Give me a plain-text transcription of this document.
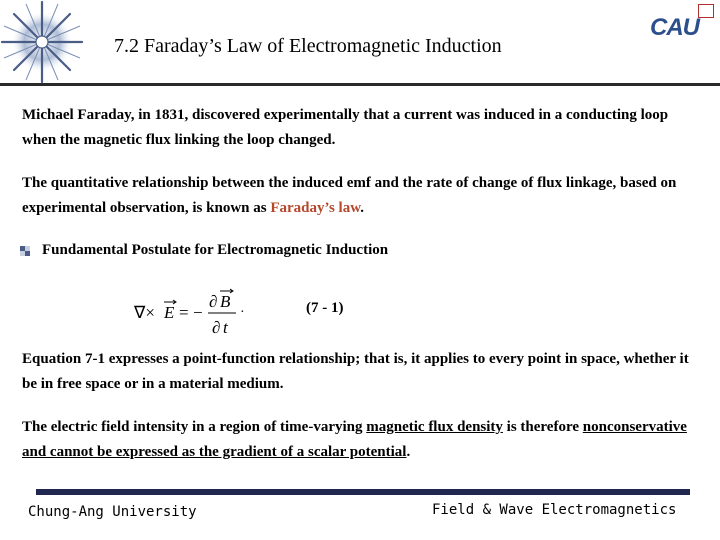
CAU
7.2 Faraday’s Law of Electromagnetic Induction

Michael Faraday, in 1831, discovered experimentally that a current was induced in a conducting loop when the magnetic flux linking the loop changed.

The quantitative relationship between the induced emf and the rate of change of flux linkage, based on experimental observation, is known as Faraday’s law.

Fundamental Postulate for Electromagnetic Induction
∇× E = −
∂ B
∂ t
·	(7 - 1)

Equation 7-1 expresses a point-function relationship; that is, it applies to every point in space, whether it be in free space or in a material medium.

The electric field intensity in a region of time-varying magnetic flux density is therefore nonconservative and cannot be expressed as the gradient of a scalar potential.

Chung-Ang University	Field & Wave Electromagnetics
